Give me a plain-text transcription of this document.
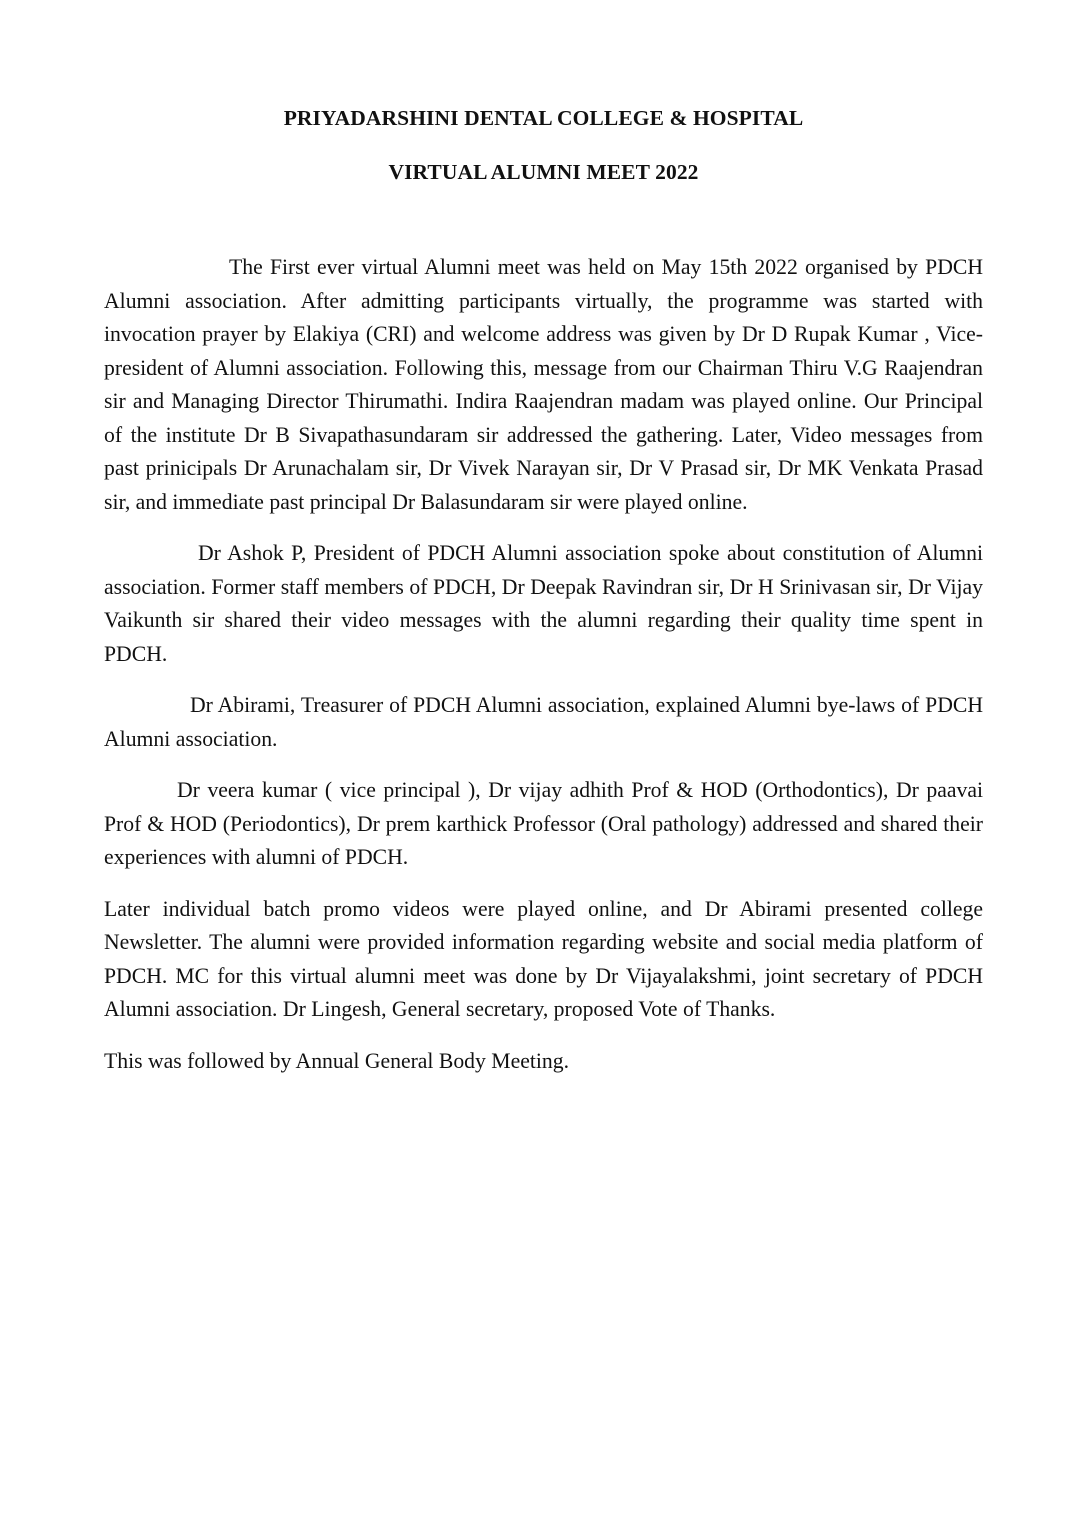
PRIYADARSHINI DENTAL COLLEGE & HOSPITAL
VIRTUAL ALUMNI MEET 2022

The First ever virtual Alumni meet was held on May 15th 2022 organised by PDCH Alumni association. After admitting participants virtually, the programme was started with invocation prayer by Elakiya (CRI) and welcome address was given by Dr D Rupak Kumar , Vice-president of Alumni association. Following this, message from our Chairman Thiru V.G Raajendran sir and Managing Director Thirumathi. Indira Raajendran madam was played online. Our Principal of the institute Dr B Sivapathasundaram sir addressed the gathering. Later, Video messages from past prinicipals Dr Arunachalam sir, Dr Vivek Narayan sir, Dr V Prasad sir, Dr MK Venkata Prasad sir, and immediate past principal Dr Balasundaram sir were played online.

Dr Ashok P, President of PDCH Alumni association spoke about constitution of Alumni association. Former staff members of PDCH, Dr Deepak Ravindran sir, Dr H Srinivasan sir, Dr Vijay Vaikunth sir shared their video messages with the alumni regarding their quality time spent in PDCH.

Dr Abirami, Treasurer of PDCH Alumni association, explained Alumni bye-laws of PDCH Alumni association.

Dr veera kumar ( vice principal ), Dr vijay adhith Prof & HOD (Orthodontics), Dr paavai Prof & HOD (Periodontics), Dr prem karthick Professor (Oral pathology) addressed and shared their experiences with alumni of PDCH.

Later individual batch promo videos were played online, and Dr Abirami presented college Newsletter. The alumni were provided information regarding website and social media platform of PDCH. MC for this virtual alumni meet was done by Dr Vijayalakshmi, joint secretary of PDCH Alumni association. Dr Lingesh, General secretary, proposed Vote of Thanks.

This was followed by Annual General Body Meeting.
